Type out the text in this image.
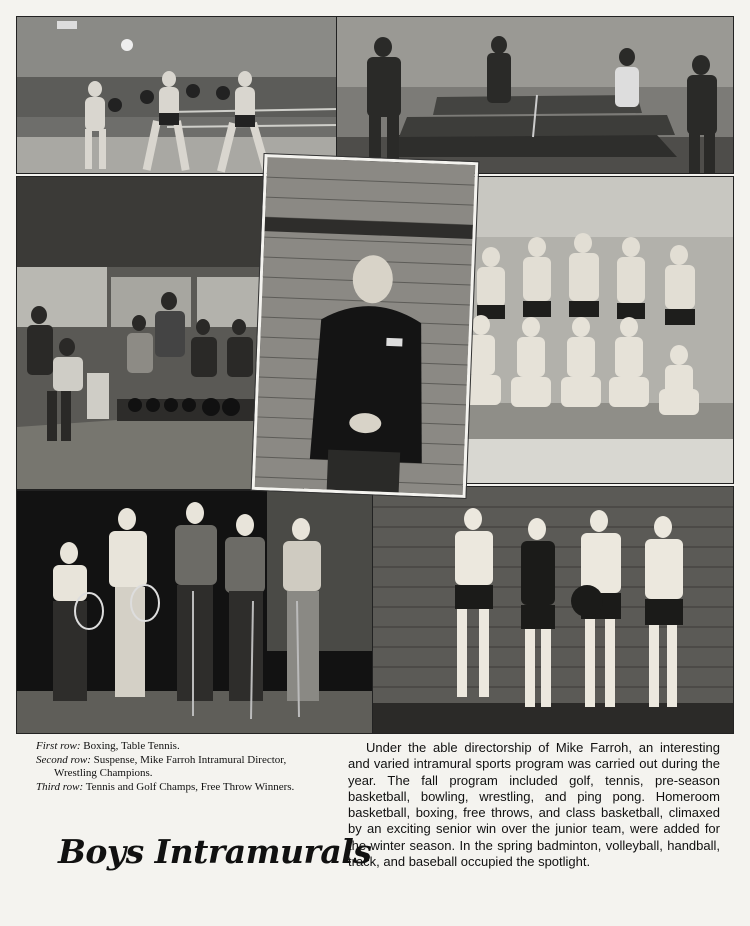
First row: Boxing, Table Tennis.

Second row: Suspense, Mike Farroh Intramural Director, Wrestling Champions.

Third row: Tennis and Golf Champs, Free Throw Winners.

Boys Intramurals

Under the able directorship of Mike Farroh, an interesting and varied intramural sports program was carried out during the year. The fall program included golf, tennis, pre-season basketball, bowling, wrestling, and ping pong. Homeroom basketball, boxing, free throws, and class basketball, climaxed by an exciting senior win over the junior team, were added for the winter season. In the spring badminton, volleyball, handball, track, and baseball occupied the spotlight.
